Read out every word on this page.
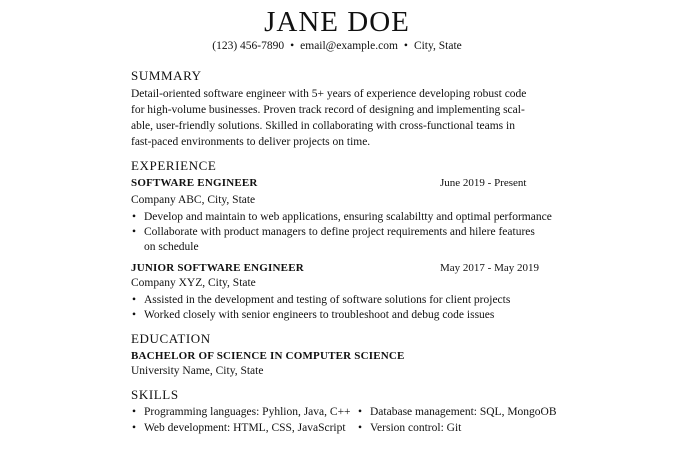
JANE DOE
(123) 456-7890 • email@example.com • City, State
SUMMARY
Detail-oriented software engineer with 5+ years of experience developing robust code for high-volume businesses. Proven track record of designing and implementing scal-able, user-friendly solutions. Skilled in collaborating with cross-functional teams in fast-paced environments to deliver projects on time.
EXPERIENCE
SOFTWARE ENGINEER	June 2019 - Present
Company ABC, City, State
• Develop and maintain to web applications, ensuring scalabiltty and optimal performance
• Collaborate with product managers to define project requirements and hilere features on schedule
JUNIOR SOFTWARE ENGINEER	May 2017 - May 2019
Company XYZ, City, State
• Assisted in the development and testing of software solutions for client projects
• Worked closely with senior engineers to troubleshoot and debug code issues
EDUCATION
BACHELOR OF SCIENCE IN COMPUTER SCIENCE
University Name, City, State
SKILLS
• Programming languages: Pyhlion, Java, C++ • Database management: SQL, MongoOB
• Web development: HTML, CSS, JavaScript • Version control: Git
